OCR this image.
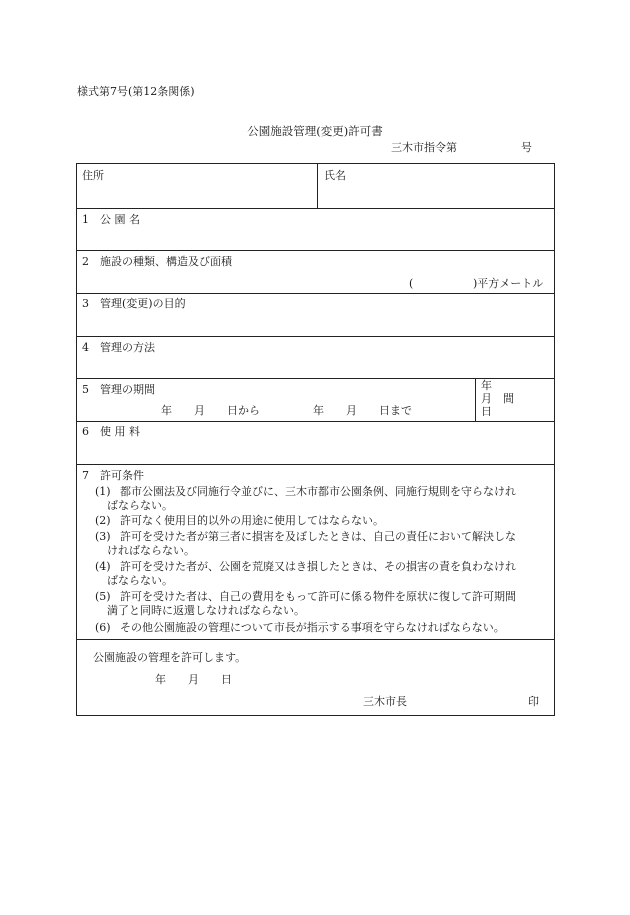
様式第7号(第12条関係)
公園施設管理(変更)許可書
三木市指令第	号
住所	氏名
1　公 園 名
2　施設の種類、構造及び面積
(	)平方メートル
3　管理(変更)の目的
4　管理の方法
5　管理の期間
年　　月　　日から	年　　月　　日まで
年
月　間
日
6　使 用 料
7　許可条件
(1) 都市公園法及び同施行令並びに、三木市都市公園条例、同施行規則を守らなけれ
ばならない。
(2) 許可なく使用目的以外の用途に使用してはならない。
(3) 許可を受けた者が第三者に損害を及ぼしたときは、自己の責任において解決しな
ければならない。
(4) 許可を受けた者が、公園を荒廃又はき損したときは、その損害の責を負わなけれ
ばならない。
(5) 許可を受けた者は、自己の費用をもって許可に係る物件を原状に復して許可期間
満了と同時に返還しなければならない。
(6) その他公園施設の管理について市長が指示する事項を守らなければならない。
公園施設の管理を許可します。
年　　月　　日
三木市長	印
